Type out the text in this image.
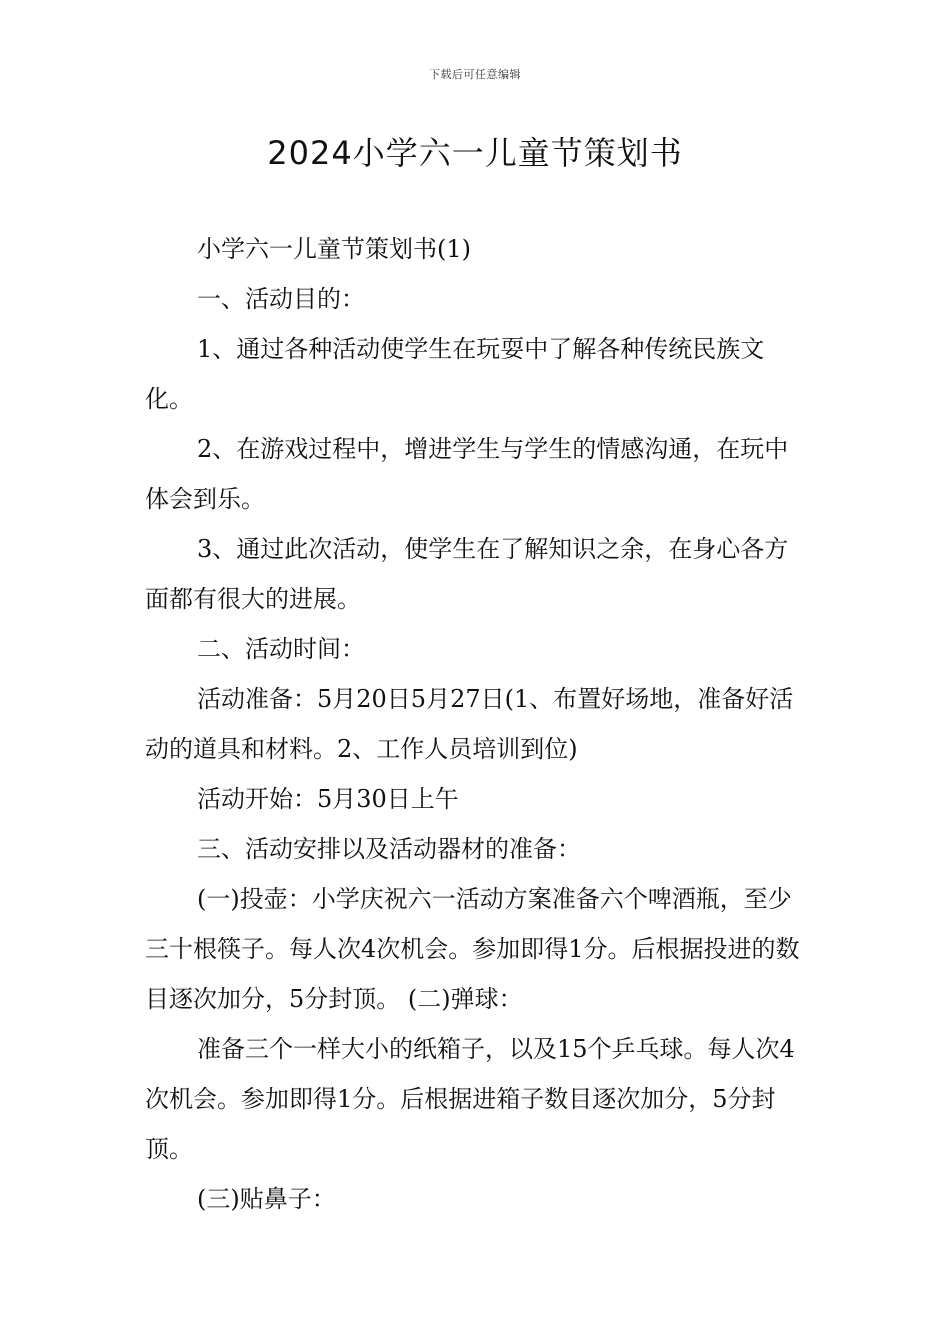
下载后可任意编辑
2024小学六一儿童节策划书

小学六一儿童节策划书(1)

一、活动目的：

1、通过各种活动使学生在玩耍中了解各种传统民族文化。

2、在游戏过程中，增进学生与学生的情感沟通，在玩中体会到乐。

3、通过此次活动，使学生在了解知识之余，在身心各方面都有很大的进展。

二、活动时间：

活动准备：5月20日5月27日(1、布置好场地，准备好活动的道具和材料。2、工作人员培训到位)

活动开始：5月30日上午

三、活动安排以及活动器材的准备：

(一)投壶：小学庆祝六一活动方案准备六个啤酒瓶，至少三十根筷子。每人次4次机会。参加即得1分。后根据投进的数目逐次加分，5分封顶。 (二)弹球：

准备三个一样大小的纸箱子，以及15个乒乓球。每人次4次机会。参加即得1分。后根据进箱子数目逐次加分，5分封顶。

(三)贴鼻子：
